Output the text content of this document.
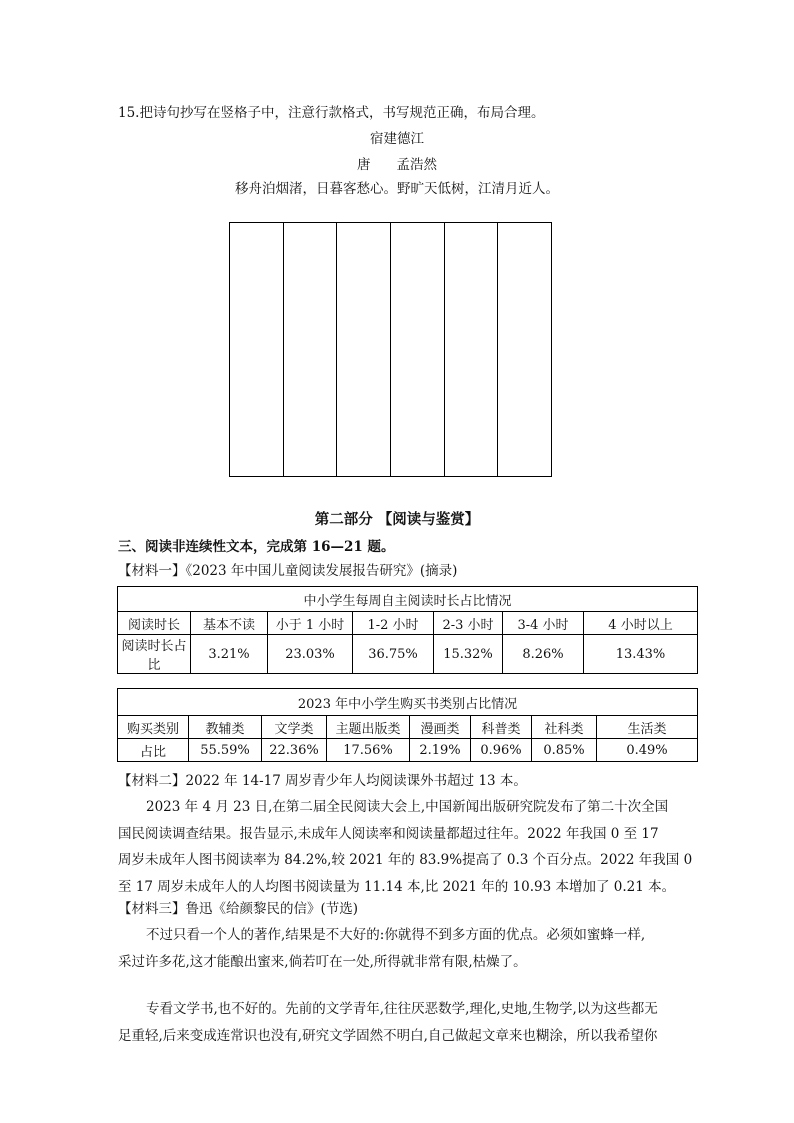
15.把诗句抄写在竖格子中，注意行款格式，书写规范正确，布局合理。
宿建德江
唐 孟浩然
移舟泊烟渚，日暮客愁心。野旷天低树，江清月近人。
第二部分 【阅读与鉴赏】
三、阅读非连续性文本，完成第 16—21 题。
【材料一】《2023 年中国儿童阅读发展报告研究》(摘录)
中小学生每周自主阅读时长占比情况						
阅读时长	基本不读	小于 1 小时	1-2 小时	2-3 小时	3-4 小时	4 小时以上
阅读时长占比	3.21%	23.03%	36.75%	15.32%	8.26%	13.43%
2023 年中小学生购买书类别占比情况							
购买类别	教辅类	文学类	主题出版类	漫画类	科普类	社科类	生活类
占比	55.59%	22.36%	17.56%	2.19%	0.96%	0.85%	0.49%
【材料二】2022 年 14-17 周岁青少年人均阅读课外书超过 13 本。
2023 年 4 月 23 日,在第二届全民阅读大会上,中国新闻出版研究院发布了第二十次全国
国民阅读调查结果。报告显示,未成年人阅读率和阅读量都超过往年。2022 年我国 0 至 17
周岁未成年人图书阅读率为 84.2%,较 2021 年的 83.9%提高了 0.3 个百分点。2022 年我国 0
至 17 周岁未成年人的人均图书阅读量为 11.14 本,比 2021 年的 10.93 本增加了 0.21 本。
【材料三】鲁迅《给颜黎民的信》(节选)
不过只看一个人的著作,结果是不大好的:你就得不到多方面的优点。必须如蜜蜂一样,
采过许多花,这才能酿出蜜来,倘若叮在一处,所得就非常有限,枯燥了。
专看文学书,也不好的。先前的文学青年,往往厌恶数学,理化,史地,生物学,以为这些都无
足重轻,后来变成连常识也没有,研究文学固然不明白,自己做起文章来也糊涂，所以我希望你
